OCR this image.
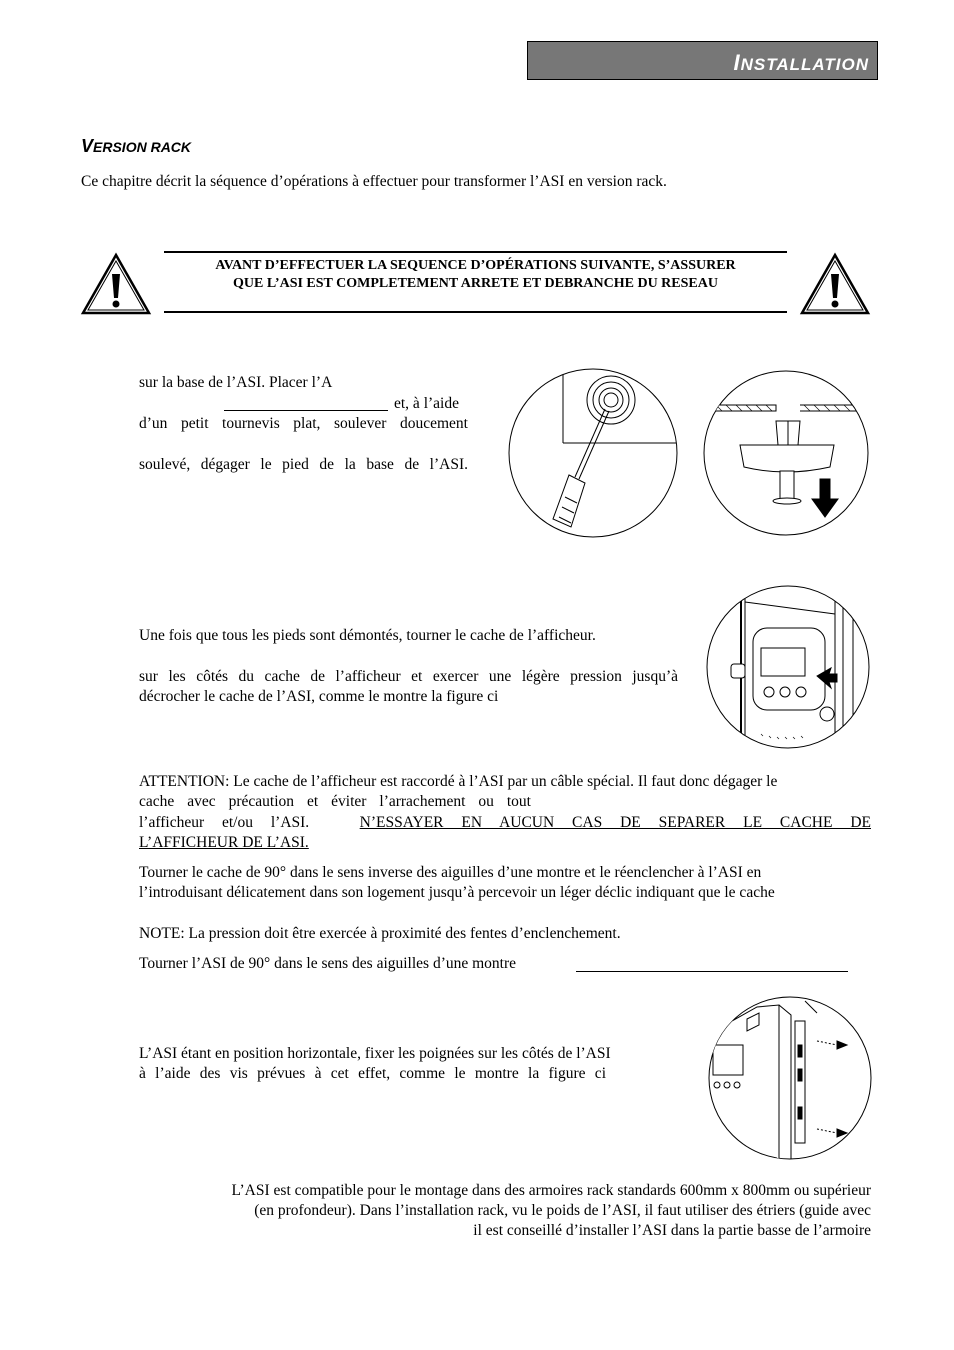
INSTALLATION
VERSION RACK
Ce chapitre décrit la séquence d’opérations à effectuer pour transformer l’ASI en version rack.
AVANT D’EFFECTUER LA SEQUENCE D’OPÉRATIONS SUIVANTE, S’ASSURER
QUE L’ASI EST COMPLETEMENT ARRETE ET DEBRANCHE DU RESEAU
sur la base de l’ASI. Placer l’A
et, à l’aide
d’un petit tournevis plat, soulever doucement
soulevé, dégager le pied de la base de l’ASI.
Une fois que tous les pieds sont démontés, tourner le cache de l’afficheur.
sur les côtés du cache de l’afficheur et exercer une légère pression jusqu’à
décrocher le cache de l’ASI, comme le montre la figure ci
ATTENTION: Le cache de l’afficheur est raccordé à l’ASI par un câble spécial. Il faut donc dégager le
cache avec précaution et éviter l’arrachement ou tout
l’afficheur et/ou l’ASI.	N’ESSAYER EN AUCUN CAS DE SEPARER LE CACHE DE
L’AFFICHEUR DE L’ASI.
Tourner le cache de 90° dans le sens inverse des aiguilles d’une montre et le réenclencher à l’ASI en
l’introduisant délicatement dans son logement jusqu’à percevoir un léger déclic indiquant que le cache
NOTE: La pression doit être exercée à proximité des fentes d’enclenchement.
Tourner l’ASI de 90° dans le sens des aiguilles d’une montre
L’ASI étant en position horizontale, fixer les poignées sur les côtés de l’ASI
à l’aide des vis prévues à cet effet, comme le montre la figure ci
L’ASI est compatible pour le montage dans des armoires rack standards 600mm x 800mm ou supérieur
(en profondeur). Dans l’installation rack, vu le poids de l’ASI, il faut utiliser des étriers (guide avec
il est conseillé d’installer l’ASI dans la partie basse de l’armoire
